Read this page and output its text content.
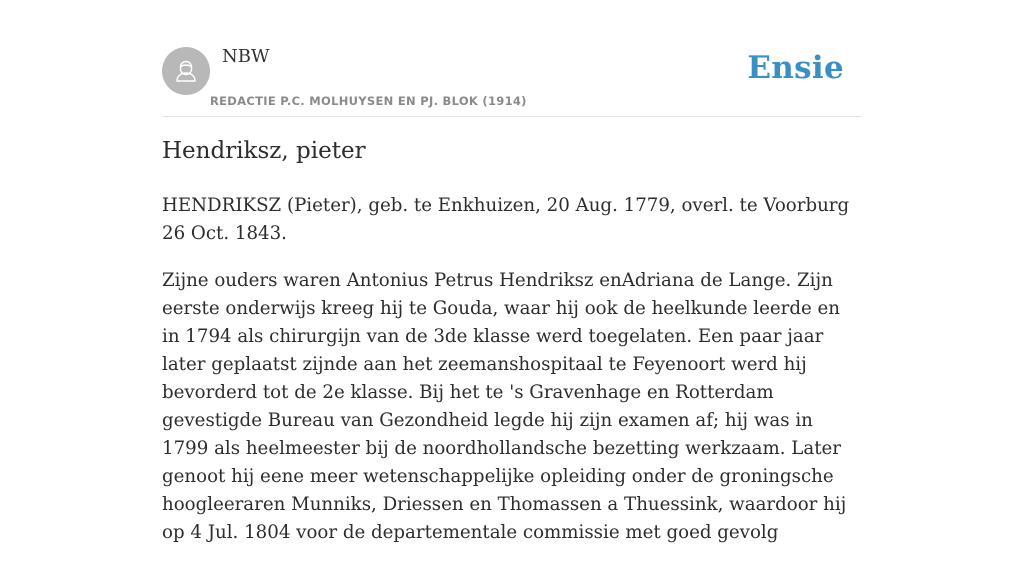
NBW
REDACTIE P.C. MOLHUYSEN EN PJ. BLOK (1914)
Ensie
Hendriksz, pieter

HENDRIKSZ (Pieter), geb. te Enkhuizen, 20 Aug. 1779, overl. te Voorburg 26 Oct. 1843.

Zijne ouders waren Antonius Petrus Hendriksz enAdriana de Lange. Zijn eerste onderwijs kreeg hij te Gouda, waar hij ook de heelkunde leerde en in 1794 als chirurgijn van de 3de klasse werd toegelaten. Een paar jaar later geplaatst zijnde aan het zeemanshospitaal te Feyenoort werd hij bevorderd tot de 2e klasse. Bij het te 's Gravenhage en Rotterdam gevestigde Bureau van Gezondheid legde hij zijn examen af; hij was in 1799 als heelmeester bij de noordhollandsche bezetting werkzaam. Later genoot hij eene meer wetenschappelijke opleiding onder de groningsche hoogleeraren Munniks, Driessen en Thomassen a Thuessink, waardoor hij op 4 Jul. 1804 voor de departementale commissie met goed gevolg
